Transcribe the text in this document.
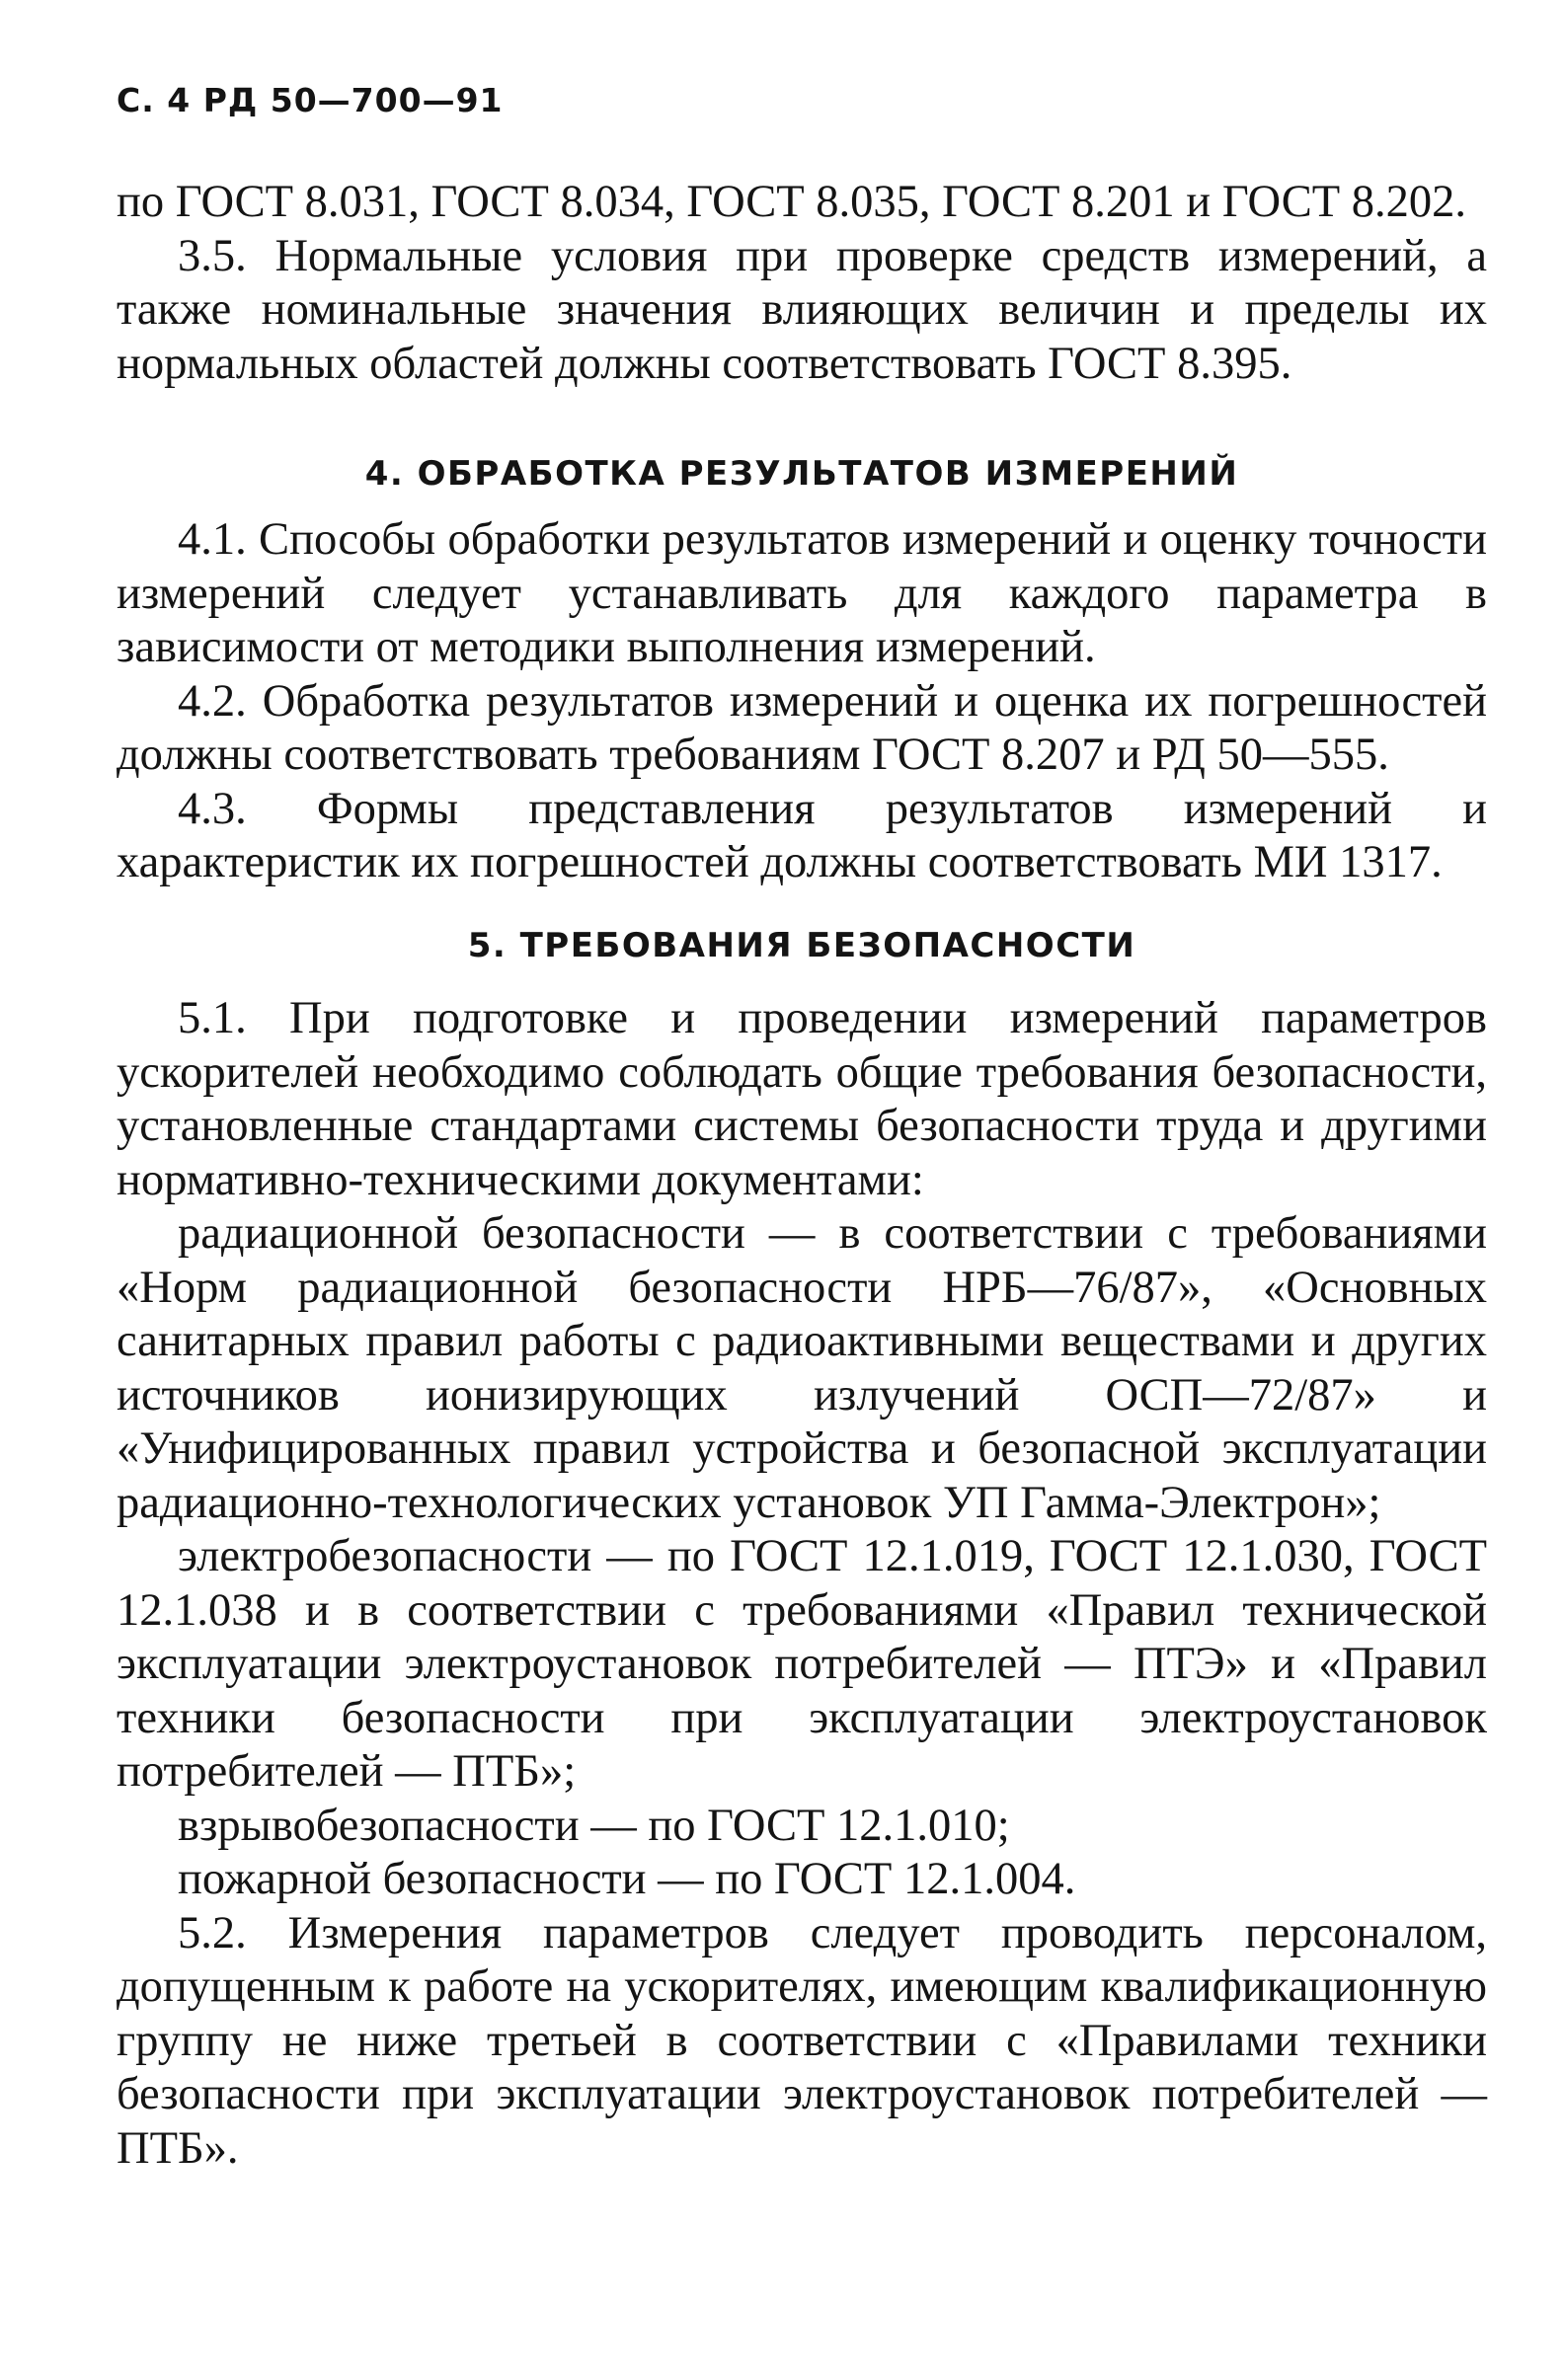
С. 4 РД 50—700—91

по ГОСТ 8.031, ГОСТ 8.034, ГОСТ 8.035, ГОСТ 8.201 и ГОСТ 8.202.

3.5. Нормальные условия при проверке средств измерений, а также номинальные значения влияющих величин и пределы их нормальных областей должны соответствовать ГОСТ 8.395.

4. ОБРАБОТКА РЕЗУЛЬТАТОВ ИЗМЕРЕНИЙ

4.1. Способы обработки результатов измерений и оценку точности измерений следует устанавливать для каждого параметра в зависимости от методики выполнения измерений.

4.2. Обработка результатов измерений и оценка их погрешностей должны соответствовать требованиям ГОСТ 8.207 и РД 50—555.

4.3. Формы представления результатов измерений и характеристик их погрешностей должны соответствовать МИ 1317.

5. ТРЕБОВАНИЯ БЕЗОПАСНОСТИ

5.1. При подготовке и проведении измерений параметров ускорителей необходимо соблюдать общие требования безопасности, установленные стандартами системы безопасности труда и другими нормативно-техническими документами:

радиационной безопасности — в соответствии с требованиями «Норм радиационной безопасности НРБ—76/87», «Основных санитарных правил работы с радиоактивными веществами и других источников ионизирующих излучений ОСП—72/87» и «Унифицированных правил устройства и безопасной эксплуатации радиационно-технологических установок УП Гамма-Электрон»;

электробезопасности — по ГОСТ 12.1.019, ГОСТ 12.1.030, ГОСТ 12.1.038 и в соответствии с требованиями «Правил технической эксплуатации электроустановок потребителей — ПТЭ» и «Правил техники безопасности при эксплуатации электроустановок потребителей — ПТБ»;

взрывобезопасности — по ГОСТ 12.1.010;

пожарной безопасности — по ГОСТ 12.1.004.

5.2. Измерения параметров следует проводить персоналом, допущенным к работе на ускорителях, имеющим квалификационную группу не ниже третьей в соответствии с «Правилами техники безопасности при эксплуатации электроустановок потребителей — ПТБ».
